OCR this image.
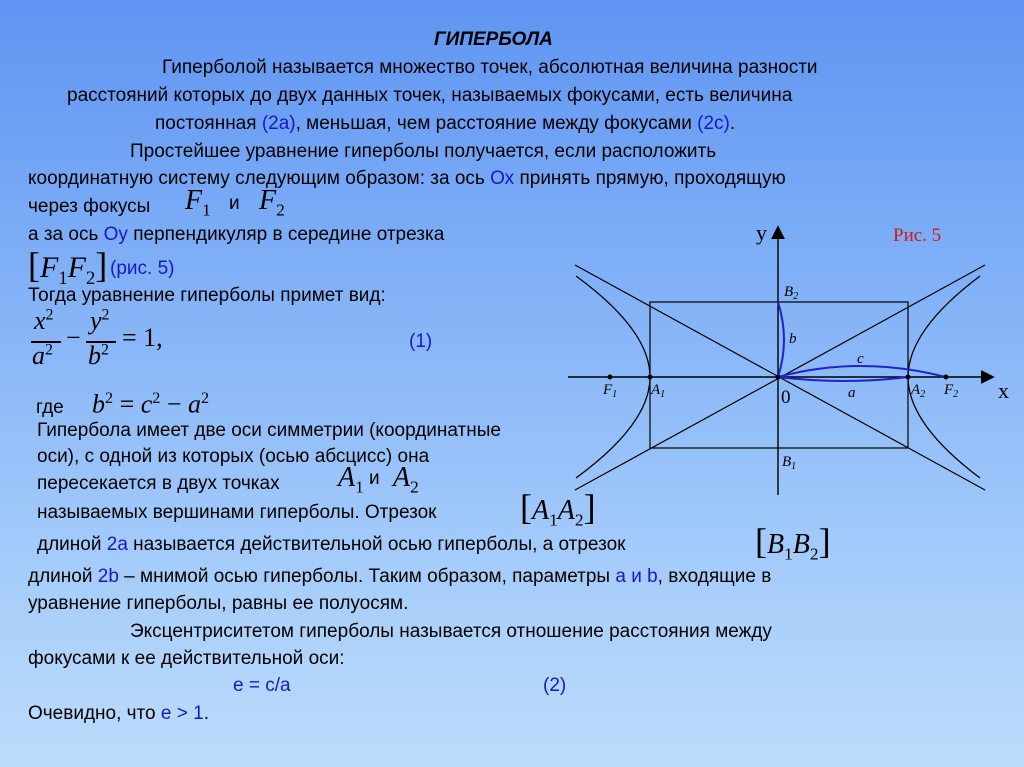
ГИПЕРБОЛА
Гиперболой называется множество точек, абсолютная величина разности
расстояний которых до двух данных точек, называемых фокусами, есть величина
постоянная (2а), меньшая, чем расстояние между фокусами (2с).
Простейшее уравнение гиперболы получается, если расположить
координатную систему следующим образом: за ось Ох принять прямую, проходящую
через фокусы $F_1$ и $F_2$
а за ось Оу перпендикуляр в середине отрезка
$[F_1F_2]$ (рис. 5)
Тогда уравнение гиперболы примет вид:
$x^2$
$a^2$ −
$y^2$
$b^2 = 1$,	(1)
где $b^2 = c^2 - a^2$
Гипербола имеет две оси симметрии (координатные
оси), с одной из которых (осью абсцисс) она
пересекается в двух точках $A_1$ и $A_2$
называемых вершинами гиперболы. Отрезок $[A_1A_2]$
длиной 2а называется действительной осью гиперболы, а отрезок	$[B_1B_2]$
длиной 2b – мнимой осью гиперболы. Таким образом, параметры а и b, входящие в
уравнение гиперболы, равны ее полуосям.
Эксцентриситетом гиперболы называется отношение расстояния между
фокусами к ее действительной оси:
e = c/a	(2)
Очевидно, что e > 1.
$F_1$ $A_1$	$A_2$ $F_2$
$B_2$
$B_1$
b
c
a	x
y
0
Рис. 5
